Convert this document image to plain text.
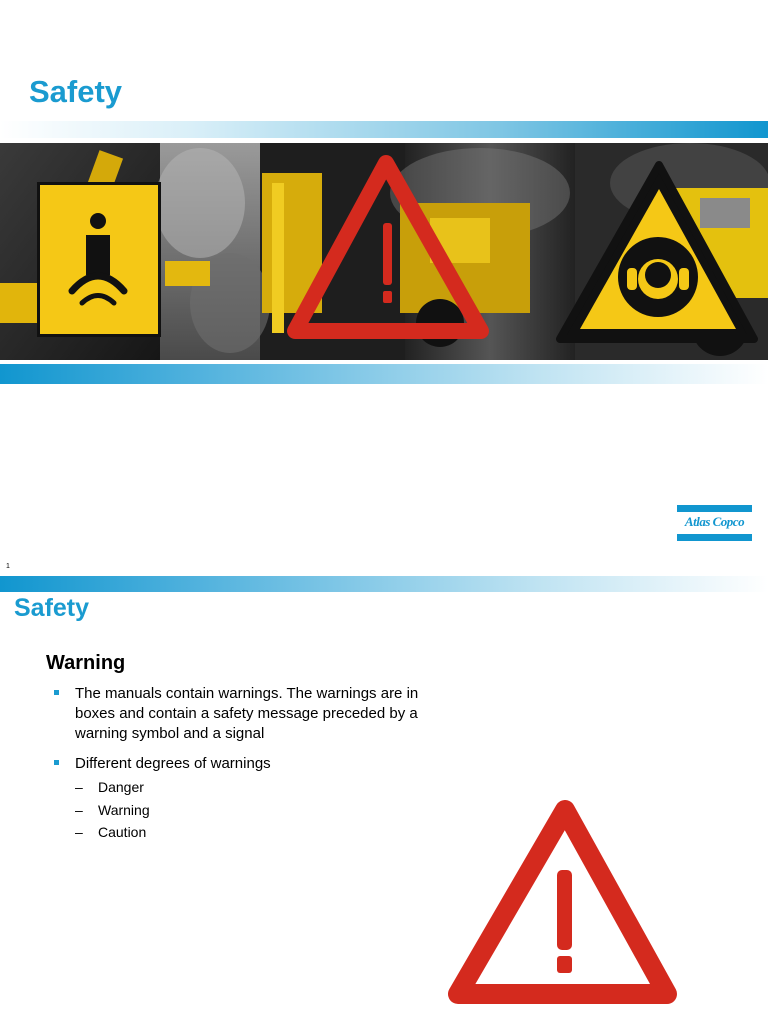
Safety
Atlas Copco
1
Safety
Warning
The manuals contain warnings. The warnings are in boxes and contain a safety message preceded by a warning symbol and a signal
Different degrees of warnings
– Danger
– Warning
– Caution
